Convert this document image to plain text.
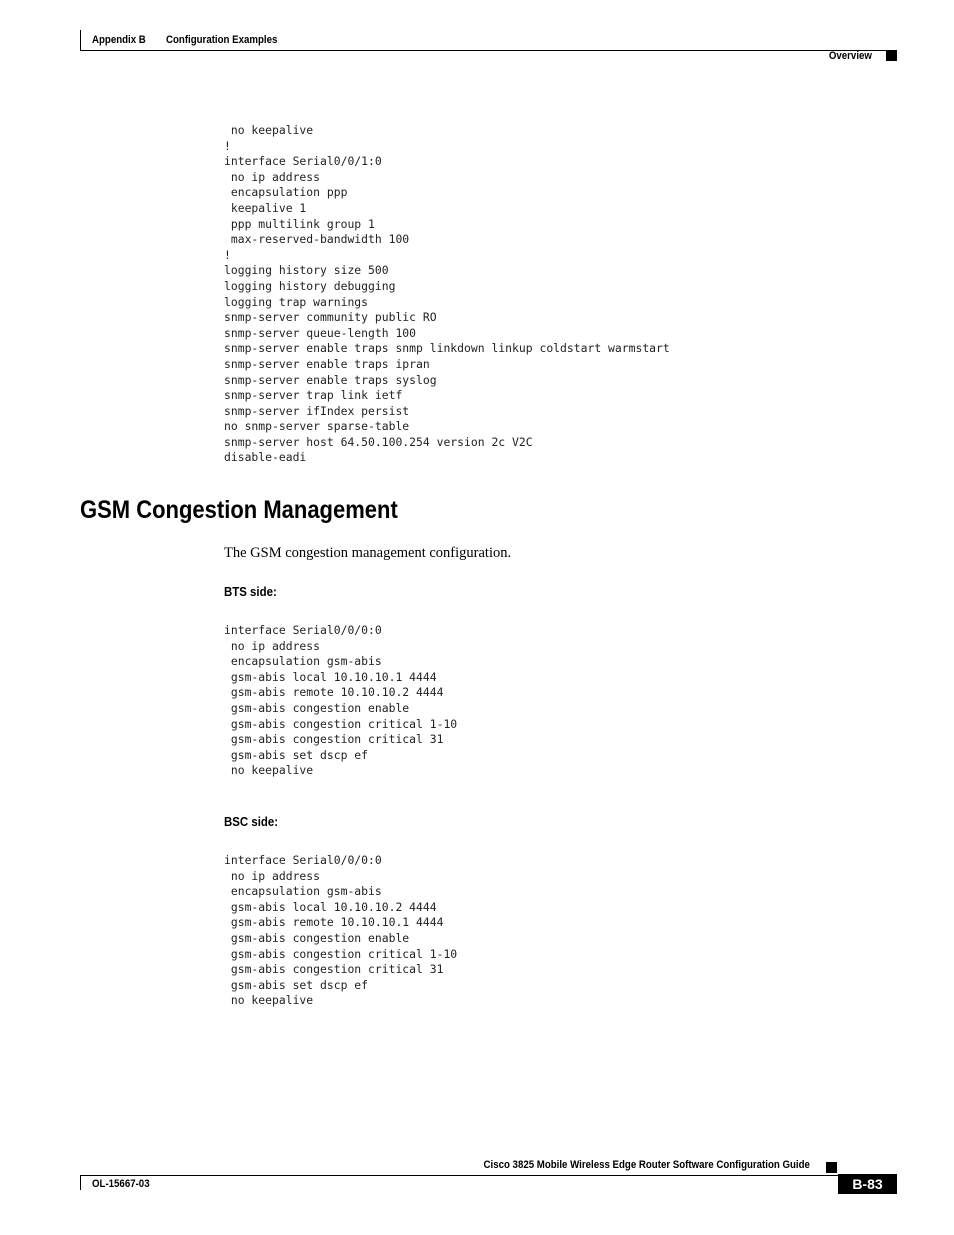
Appendix B Configuration Examples
Overview
no keepalive
!
interface Serial0/0/1:0
no ip address
encapsulation ppp
keepalive 1
ppp multilink group 1
max-reserved-bandwidth 100
!
logging history size 500
logging history debugging
logging trap warnings
snmp-server community public RO
snmp-server queue-length 100
snmp-server enable traps snmp linkdown linkup coldstart warmstart
snmp-server enable traps ipran
snmp-server enable traps syslog
snmp-server trap link ietf
snmp-server ifIndex persist
no snmp-server sparse-table
snmp-server host 64.50.100.254 version 2c V2C
disable-eadi
GSM Congestion Management

The GSM congestion management configuration.

BTS side:

interface Serial0/0/0:0
no ip address
encapsulation gsm-abis
gsm-abis local 10.10.10.1 4444
gsm-abis remote 10.10.10.2 4444
gsm-abis congestion enable
gsm-abis congestion critical 1-10
gsm-abis congestion critical 31
gsm-abis set dscp ef
no keepalive

BSC side:

interface Serial0/0/0:0
no ip address
encapsulation gsm-abis
gsm-abis local 10.10.10.2 4444
gsm-abis remote 10.10.10.1 4444
gsm-abis congestion enable
gsm-abis congestion critical 1-10
gsm-abis congestion critical 31
gsm-abis set dscp ef
no keepalive
Cisco 3825 Mobile Wireless Edge Router Software Configuration Guide
OL-15667-03	B-83
